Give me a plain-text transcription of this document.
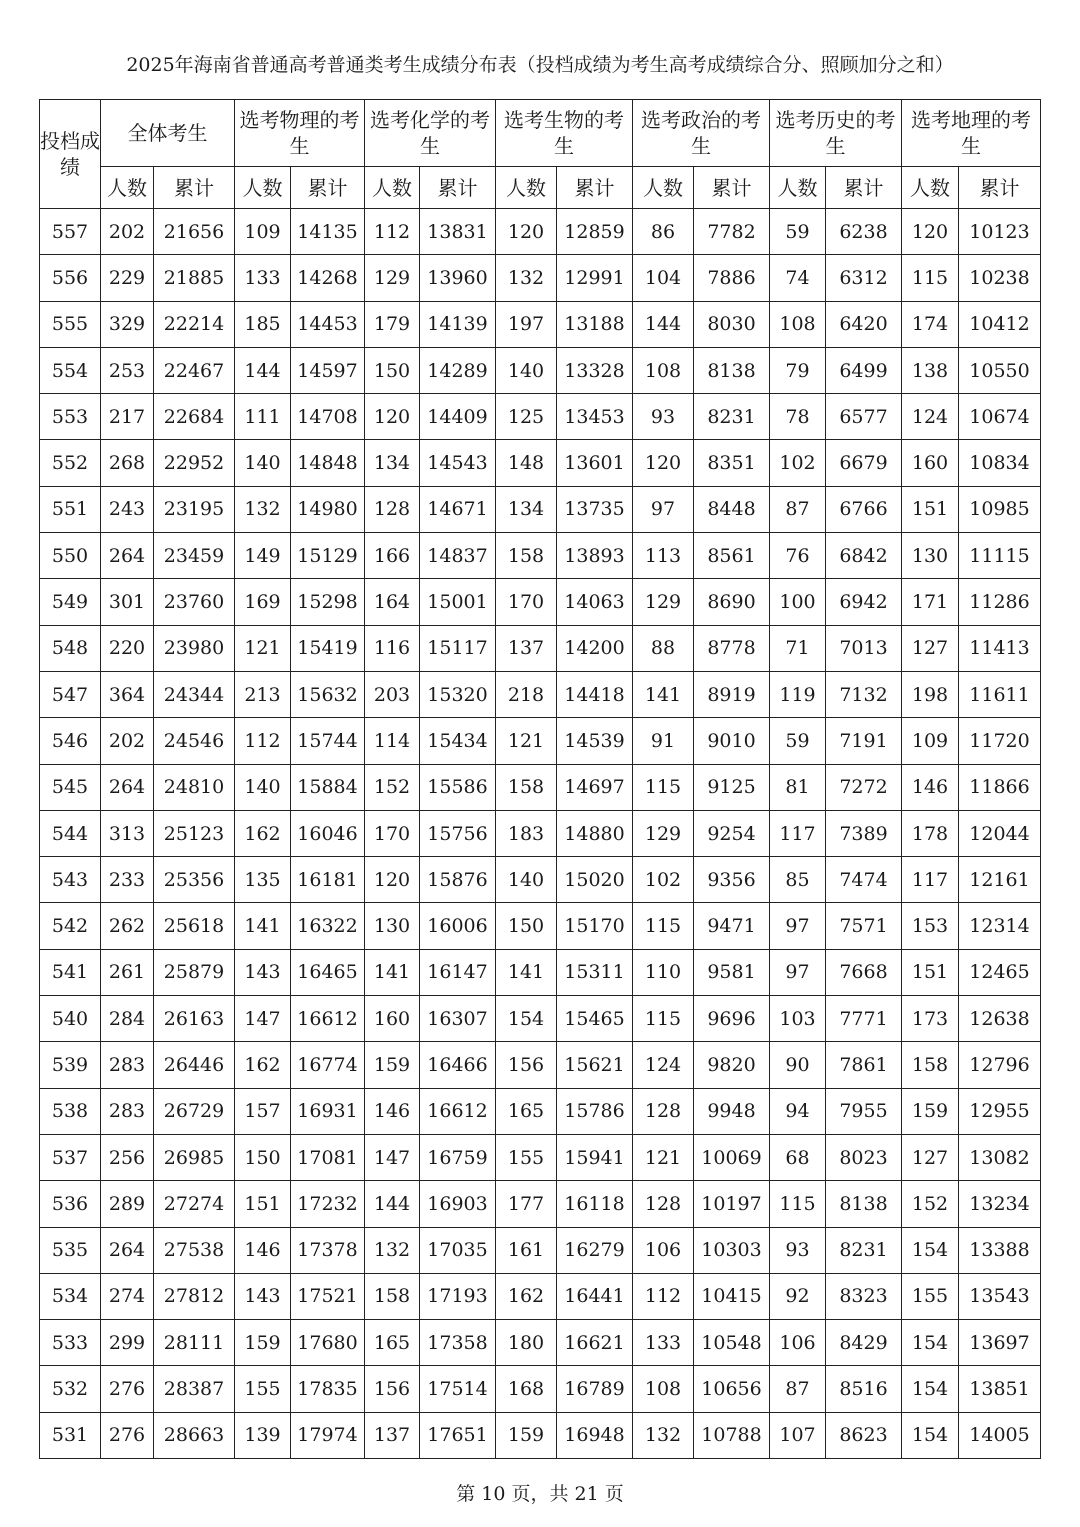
2025年海南省普通高考普通类考生成绩分布表（投档成绩为考生高考成绩综合分、照顾加分之和）
投档成绩	全体考生		选考物理的考生		选考化学的考生		选考生物的考生		选考政治的考生		选考历史的考生		选考地理的考生	
	人数	累计	人数	累计	人数	累计	人数	累计	人数	累计	人数	累计	人数	累计
557	202	21656	109	14135	112	13831	120	12859	86	7782	59	6238	120	10123
556	229	21885	133	14268	129	13960	132	12991	104	7886	74	6312	115	10238
555	329	22214	185	14453	179	14139	197	13188	144	8030	108	6420	174	10412
554	253	22467	144	14597	150	14289	140	13328	108	8138	79	6499	138	10550
553	217	22684	111	14708	120	14409	125	13453	93	8231	78	6577	124	10674
552	268	22952	140	14848	134	14543	148	13601	120	8351	102	6679	160	10834
551	243	23195	132	14980	128	14671	134	13735	97	8448	87	6766	151	10985
550	264	23459	149	15129	166	14837	158	13893	113	8561	76	6842	130	11115
549	301	23760	169	15298	164	15001	170	14063	129	8690	100	6942	171	11286
548	220	23980	121	15419	116	15117	137	14200	88	8778	71	7013	127	11413
547	364	24344	213	15632	203	15320	218	14418	141	8919	119	7132	198	11611
546	202	24546	112	15744	114	15434	121	14539	91	9010	59	7191	109	11720
545	264	24810	140	15884	152	15586	158	14697	115	9125	81	7272	146	11866
544	313	25123	162	16046	170	15756	183	14880	129	9254	117	7389	178	12044
543	233	25356	135	16181	120	15876	140	15020	102	9356	85	7474	117	12161
542	262	25618	141	16322	130	16006	150	15170	115	9471	97	7571	153	12314
541	261	25879	143	16465	141	16147	141	15311	110	9581	97	7668	151	12465
540	284	26163	147	16612	160	16307	154	15465	115	9696	103	7771	173	12638
539	283	26446	162	16774	159	16466	156	15621	124	9820	90	7861	158	12796
538	283	26729	157	16931	146	16612	165	15786	128	9948	94	7955	159	12955
537	256	26985	150	17081	147	16759	155	15941	121	10069	68	8023	127	13082
536	289	27274	151	17232	144	16903	177	16118	128	10197	115	8138	152	13234
535	264	27538	146	17378	132	17035	161	16279	106	10303	93	8231	154	13388
534	274	27812	143	17521	158	17193	162	16441	112	10415	92	8323	155	13543
533	299	28111	159	17680	165	17358	180	16621	133	10548	106	8429	154	13697
532	276	28387	155	17835	156	17514	168	16789	108	10656	87	8516	154	13851
531	276	28663	139	17974	137	17651	159	16948	132	10788	107	8623	154	14005
第 10 页，共 21 页
